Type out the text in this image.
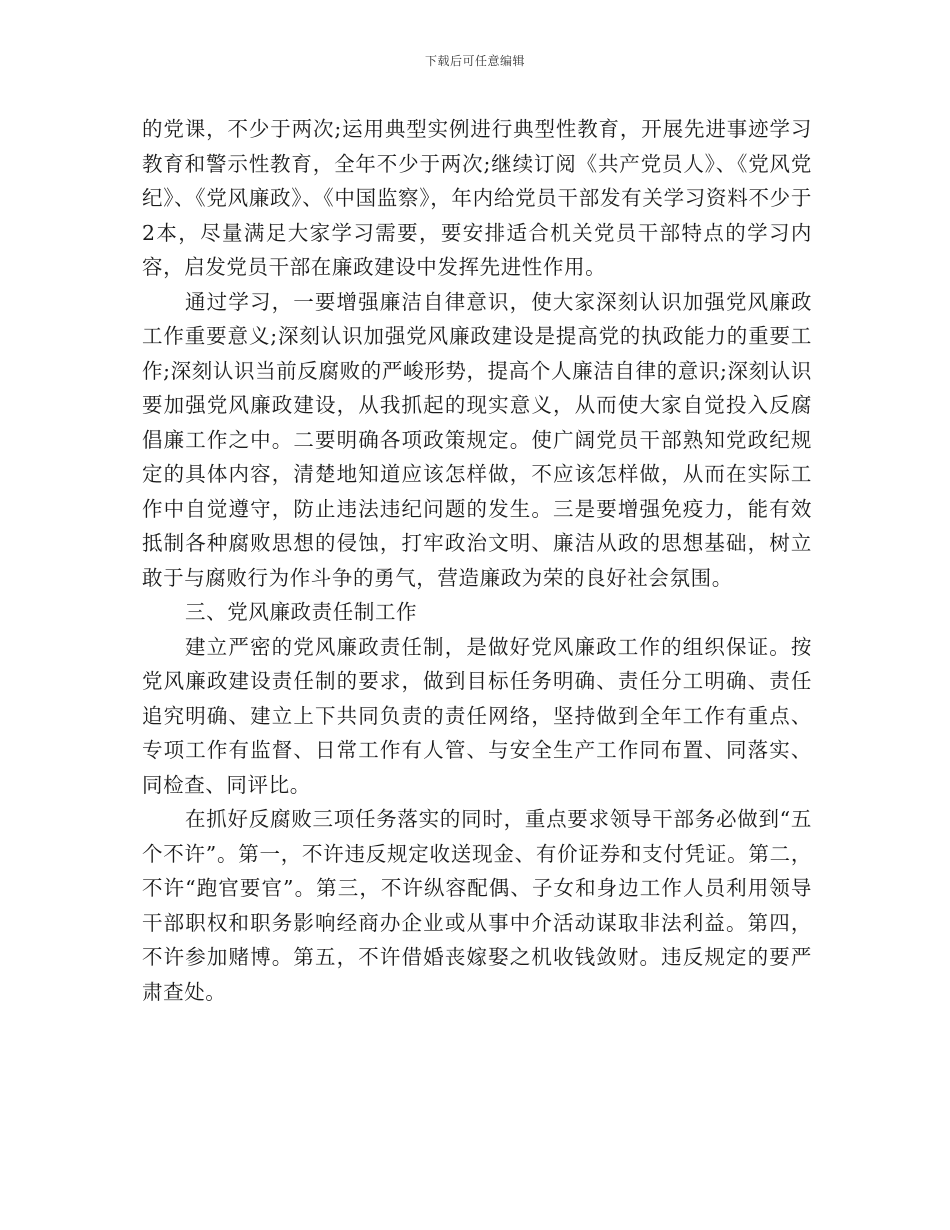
下载后可任意编辑

的党课，不少于两次;运用典型实例进行典型性教育，开展先进事迹学习教育和警示性教育，全年不少于两次;继续订阅《共产党员人》、《党风党纪》、《党风廉政》、《中国监察》，年内给党员干部发有关学习资料不少于2本，尽量满足大家学习需要，要安排适合机关党员干部特点的学习内容，启发党员干部在廉政建设中发挥先进性作用。

通过学习，一要增强廉洁自律意识，使大家深刻认识加强党风廉政工作重要意义;深刻认识加强党风廉政建设是提高党的执政能力的重要工作;深刻认识当前反腐败的严峻形势，提高个人廉洁自律的意识;深刻认识要加强党风廉政建设，从我抓起的现实意义，从而使大家自觉投入反腐倡廉工作之中。二要明确各项政策规定。使广阔党员干部熟知党政纪规定的具体内容，清楚地知道应该怎样做，不应该怎样做，从而在实际工作中自觉遵守，防止违法违纪问题的发生。三是要增强免疫力，能有效抵制各种腐败思想的侵蚀，打牢政治文明、廉洁从政的思想基础，树立敢于与腐败行为作斗争的勇气，营造廉政为荣的良好社会氛围。

三、党风廉政责任制工作

建立严密的党风廉政责任制，是做好党风廉政工作的组织保证。按党风廉政建设责任制的要求，做到目标任务明确、责任分工明确、责任追究明确、建立上下共同负责的责任网络，坚持做到全年工作有重点、专项工作有监督、日常工作有人管、与安全生产工作同布置、同落实、同检查、同评比。

在抓好反腐败三项任务落实的同时，重点要求领导干部务必做到“五个不许”。第一，不许违反规定收送现金、有价证券和支付凭证。第二，不许“跑官要官”。第三，不许纵容配偶、子女和身边工作人员利用领导干部职权和职务影响经商办企业或从事中介活动谋取非法利益。第四，不许参加赌博。第五，不许借婚丧嫁娶之机收钱敛财。违反规定的要严肃查处。
